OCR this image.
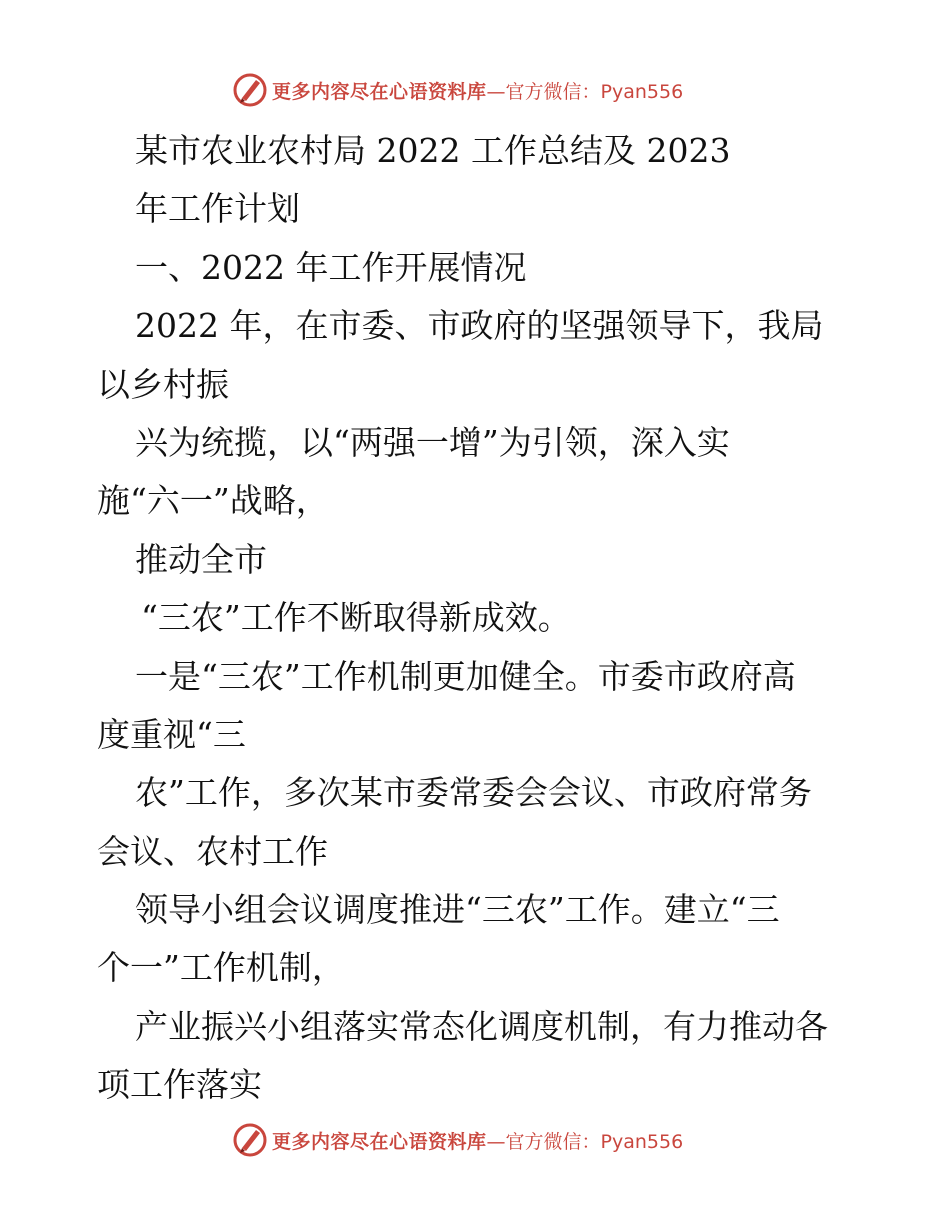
更多内容尽在心语资料库 —官方微信：Pyan556
某市农业农村局 2022 工作总结及 2023
年工作计划
一、2022 年工作开展情况
2022 年，在市委、市政府的坚强领导下，我局
以乡村振
兴为统揽，以“两强一增”为引领，深入实
施“六一”战略，
推动全市
“三农”工作不断取得新成效。
一是“三农”工作机制更加健全。市委市政府高
度重视“三
农”工作，多次某市委常委会会议、市政府常务
会议、农村工作
领导小组会议调度推进“三农”工作。建立“三
个一”工作机制，
产业振兴小组落实常态化调度机制，有力推动各
项工作落实
更多内容尽在心语资料库 —官方微信：Pyan556
